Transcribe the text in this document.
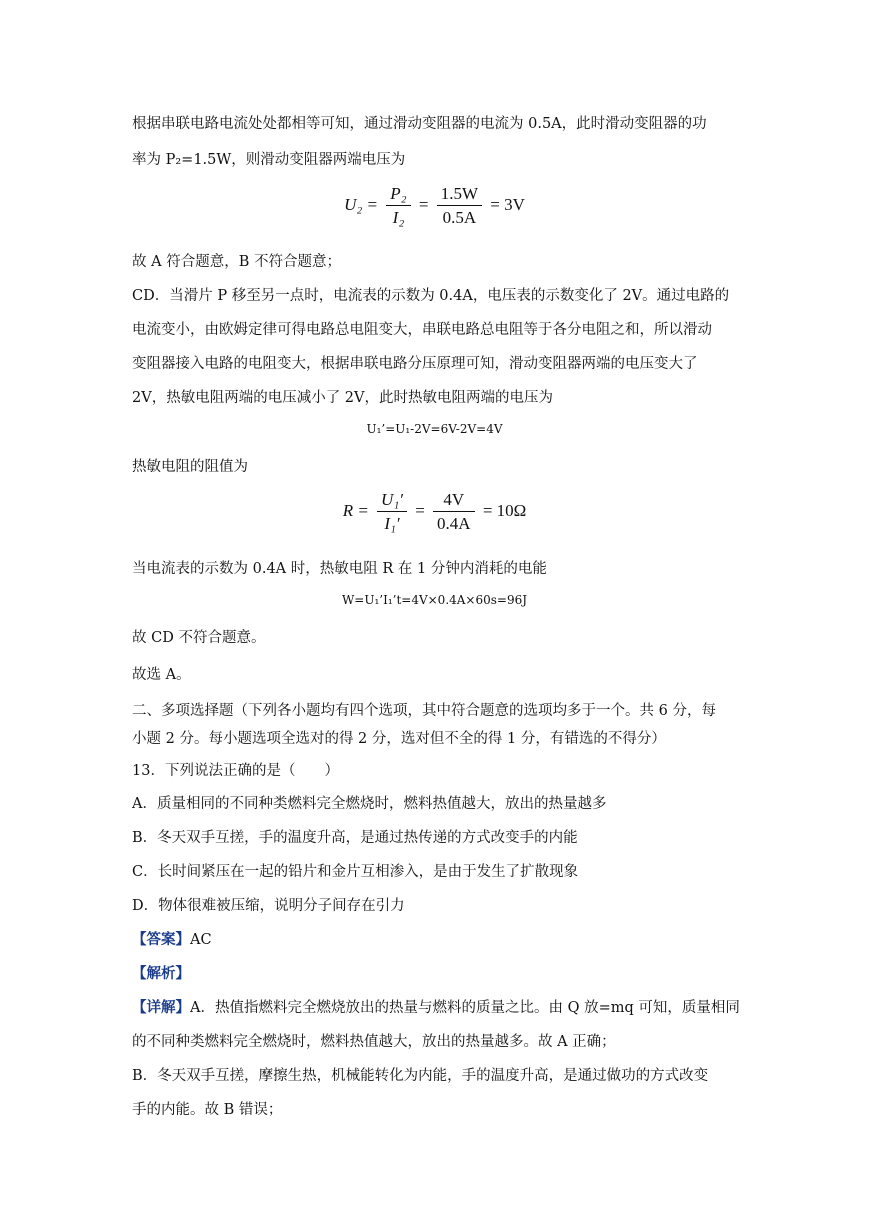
根据串联电路电流处处都相等可知，通过滑动变阻器的电流为 0.5A，此时滑动变阻器的功
率为 P₂=1.5W，则滑动变阻器两端电压为
$U_2 = \frac{\text{P₂}}{\text{I₂}} = \frac{1.5W}{0.5A} = 3V$
故 A 符合题意，B 不符合题意；
CD．当滑片 P 移至另一点时，电流表的示数为 0.4A，电压表的示数变化了 2V。通过电路的
电流变小，由欧姆定律可得电路总电阻变大，串联电路总电阻等于各分电阻之和，所以滑动
变阻器接入电路的电阻变大，根据串联电路分压原理可知，滑动变阻器两端的电压变大了
2V，热敏电阻两端的电压减小了 2V，此时热敏电阻两端的电压为
U₁’=U₁-2V=6V-2V=4V
热敏电阻的阻值为
$R = \frac{\text{U₁′}}{\text{I₁′}} = \frac{4V}{0.4A} = 10\Omega$
当电流表的示数为 0.4A 时，热敏电阻 R 在 1 分钟内消耗的电能
W=U₁’I₁’t=4V×0.4A×60s=96J
故 CD 不符合题意。
故选 A。
二、多项选择题（下列各小题均有四个选项，其中符合题意的选项均多于一个。共 6 分，每
小题 2 分。每小题选项全选对的得 2 分，选对但不全的得 1 分，有错选的不得分）
13．下列说法正确的是（　　）
A．质量相同的不同种类燃料完全燃烧时，燃料热值越大，放出的热量越多
B．冬天双手互搓，手的温度升高，是通过热传递的方式改变手的内能
C．长时间紧压在一起的铅片和金片互相渗入，是由于发生了扩散现象
D．物体很难被压缩，说明分子间存在引力
【答案】AC
【解析】
【详解】A．热值指燃料完全燃烧放出的热量与燃料的质量之比。由 Q 放=mq 可知，质量相同
的不同种类燃料完全燃烧时，燃料热值越大，放出的热量越多。故 A 正确；
B．冬天双手互搓，摩擦生热，机械能转化为内能，手的温度升高，是通过做功的方式改变
手的内能。故 B 错误；
